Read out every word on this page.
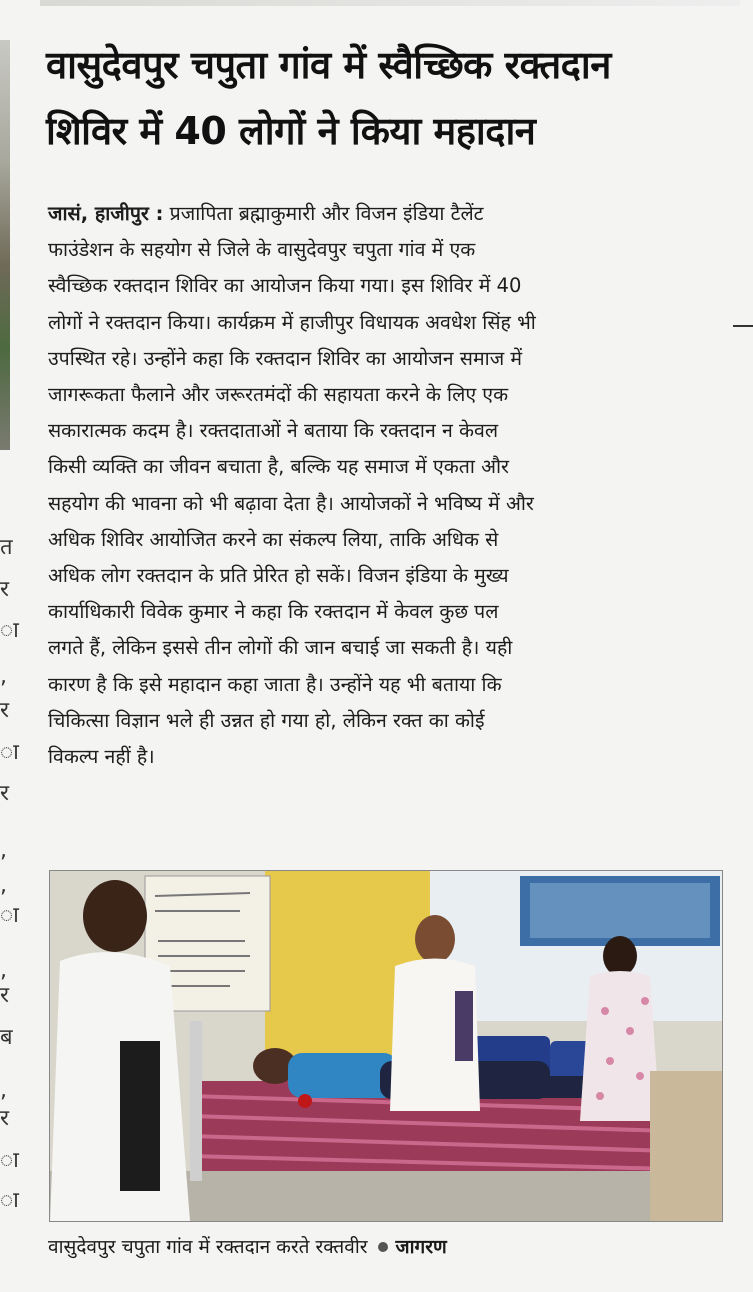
त
र
ा
,
र
ा
र
,
,
ा
,
र
ब
,
र
ा
ा
वासुदेवपुर चपुता गांव में स्वैच्छिक रक्तदान
शिविर में 40 लोगों ने किया महादान
जासं, हाजीपुर : प्रजापिता ब्रह्माकुमारी और विजन इंडिया टैलेंट
फाउंडेशन के सहयोग से जिले के वासुदेवपुर चपुता गांव में एक
स्वैच्छिक रक्तदान शिविर का आयोजन किया गया। इस शिविर में 40
लोगों ने रक्तदान किया। कार्यक्रम में हाजीपुर विधायक अवधेश सिंह भी
उपस्थित रहे। उन्होंने कहा कि रक्तदान शिविर का आयोजन समाज में
जागरूकता फैलाने और जरूरतमंदों की सहायता करने के लिए एक
सकारात्मक कदम है। रक्तदाताओं ने बताया कि रक्तदान न केवल
किसी व्यक्ति का जीवन बचाता है, बल्कि यह समाज में एकता और
सहयोग की भावना को भी बढ़ावा देता है। आयोजकों ने भविष्य में और
अधिक शिविर आयोजित करने का संकल्प लिया, ताकि अधिक से
अधिक लोग रक्तदान के प्रति प्रेरित हो सकें। विजन इंडिया के मुख्य
कार्याधिकारी विवेक कुमार ने कहा कि रक्तदान में केवल कुछ पल
लगते हैं, लेकिन इससे तीन लोगों की जान बचाई जा सकती है। यही
कारण है कि इसे महादान कहा जाता है। उन्होंने यह भी बताया कि
चिकित्सा विज्ञान भले ही उन्नत हो गया हो, लेकिन रक्त का कोई
विकल्प नहीं है।

वासुदेवपुर चपुता गांव में रक्तदान करते रक्तवीर जागरण
